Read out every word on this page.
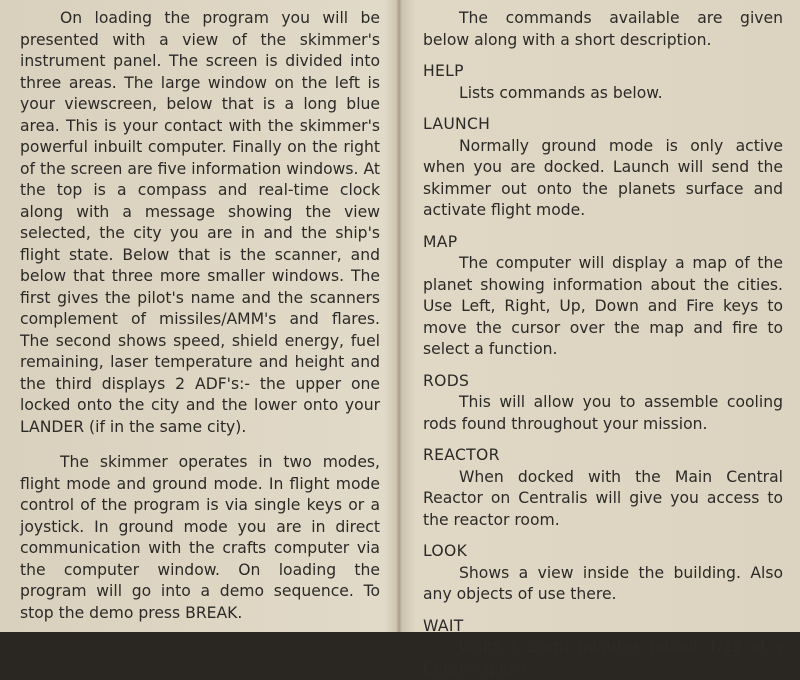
On loading the program you will be presented with a view of the skimmer's instrument panel. The screen is divided into three areas. The large window on the left is your viewscreen, below that is a long blue area. This is your contact with the skimmer's powerful inbuilt computer. Finally on the right of the screen are five information windows. At the top is a compass and real-time clock along with a message showing the view selected, the city you are in and the ship's flight state. Below that is the scanner, and below that three more smaller windows. The first gives the pilot's name and the scanners complement of missiles/AMM's and flares. The second shows speed, shield energy, fuel remaining, laser temperature and height and the third displays 2 ADF's:- the upper one locked onto the city and the lower onto your LANDER (if in the same city).

The skimmer operates in two modes, flight mode and ground mode. In flight mode control of the program is via single keys or a joystick. In ground mode you are in direct communication with the crafts computer via the computer window. On loading the program will go into a demo sequence. To stop the demo press BREAK.

The commands available are given below along with a short description.

HELP

Lists commands as below.

LAUNCH

Normally ground mode is only active when you are docked. Launch will send the skimmer out onto the planets surface and activate flight mode.

MAP

The computer will display a map of the planet showing information about the cities. Use Left, Right, Up, Down and Fire keys to move the cursor over the map and fire to select a function.

RODS

This will allow you to assemble cooling rods found throughout your mission.

REACTOR

When docked with the Main Central Reactor on Centralis will give you access to the reactor room.

LOOK

Shows a view inside the building. Also any objects of use there.

WAIT

Waits 5 Earth minutes (about 1/12 of a Cetan "spin")
